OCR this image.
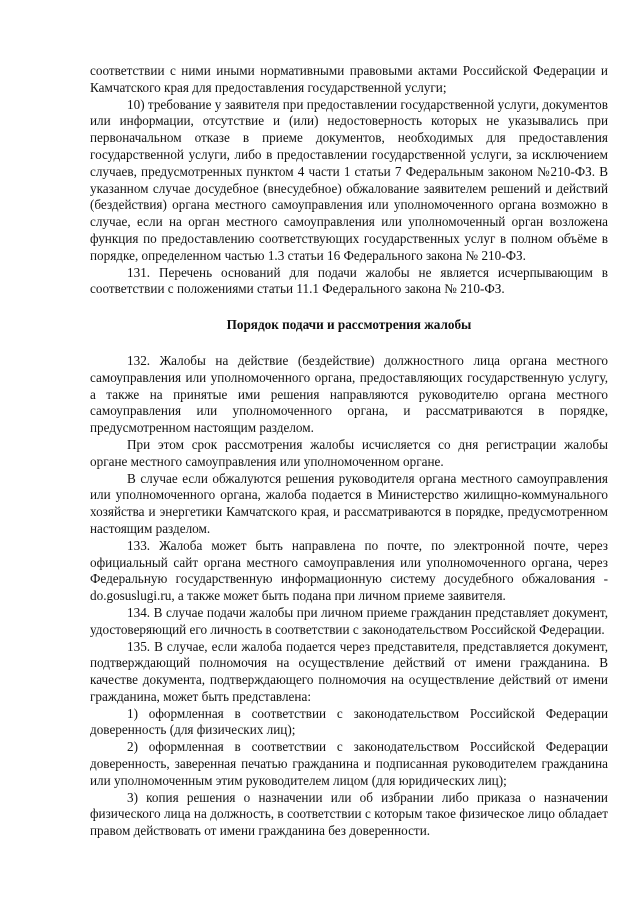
соответствии с ними иными нормативными правовыми актами Российской Федерации и Камчатского края для предоставления государственной услуги;

10) требование у заявителя при предоставлении государственной услуги, документов или информации, отсутствие и (или) недостоверность которых не указывались при первоначальном отказе в приеме документов, необходимых для предоставления государственной услуги, либо в предоставлении государственной услуги, за исключением случаев, предусмотренных пунктом 4 части 1 статьи 7 Федеральным законом №210-ФЗ. В указанном случае досудебное (внесудебное) обжалование заявителем решений и действий (бездействия) органа местного самоуправления или уполномоченного органа возможно в случае, если на орган местного самоуправления или уполномоченный орган возложена функция по предоставлению соответствующих государственных услуг в полном объёме в порядке, определенном частью 1.3 статьи 16 Федерального закона № 210-ФЗ.

131. Перечень оснований для подачи жалобы не является исчерпывающим в соответствии с положениями статьи 11.1 Федерального закона № 210-ФЗ.

Порядок подачи и рассмотрения жалобы

132. Жалобы на действие (бездействие) должностного лица органа местного самоуправления или уполномоченного органа, предоставляющих государственную услугу, а также на принятые ими решения направляются руководителю органа местного самоуправления или уполномоченного органа, и рассматриваются в порядке, предусмотренном настоящим разделом.

При этом срок рассмотрения жалобы исчисляется со дня регистрации жалобы органе местного самоуправления или уполномоченном органе.

В случае если обжалуются решения руководителя органа местного самоуправления или уполномоченного органа, жалоба подается в Министерство жилищно-коммунального хозяйства и энергетики Камчатского края, и рассматриваются в порядке, предусмотренном настоящим разделом.

133. Жалоба может быть направлена по почте, по электронной почте, через официальный сайт органа местного самоуправления или уполномоченного органа, через Федеральную государственную информационную систему досудебного обжалования - do.gosuslugi.ru, а также может быть подана при личном приеме заявителя.

134. В случае подачи жалобы при личном приеме гражданин представляет документ, удостоверяющий его личность в соответствии с законодательством Российской Федерации.

135. В случае, если жалоба подается через представителя, представляется документ, подтверждающий полномочия на осуществление действий от имени гражданина. В качестве документа, подтверждающего полномочия на осуществление действий от имени гражданина, может быть представлена:

1) оформленная в соответствии с законодательством Российской Федерации доверенность (для физических лиц);

2) оформленная в соответствии с законодательством Российской Федерации доверенность, заверенная печатью гражданина и подписанная руководителем гражданина или уполномоченным этим руководителем лицом (для юридических лиц);

3) копия решения о назначении или об избрании либо приказа о назначении физического лица на должность, в соответствии с которым такое физическое лицо обладает правом действовать от имени гражданина без доверенности.
